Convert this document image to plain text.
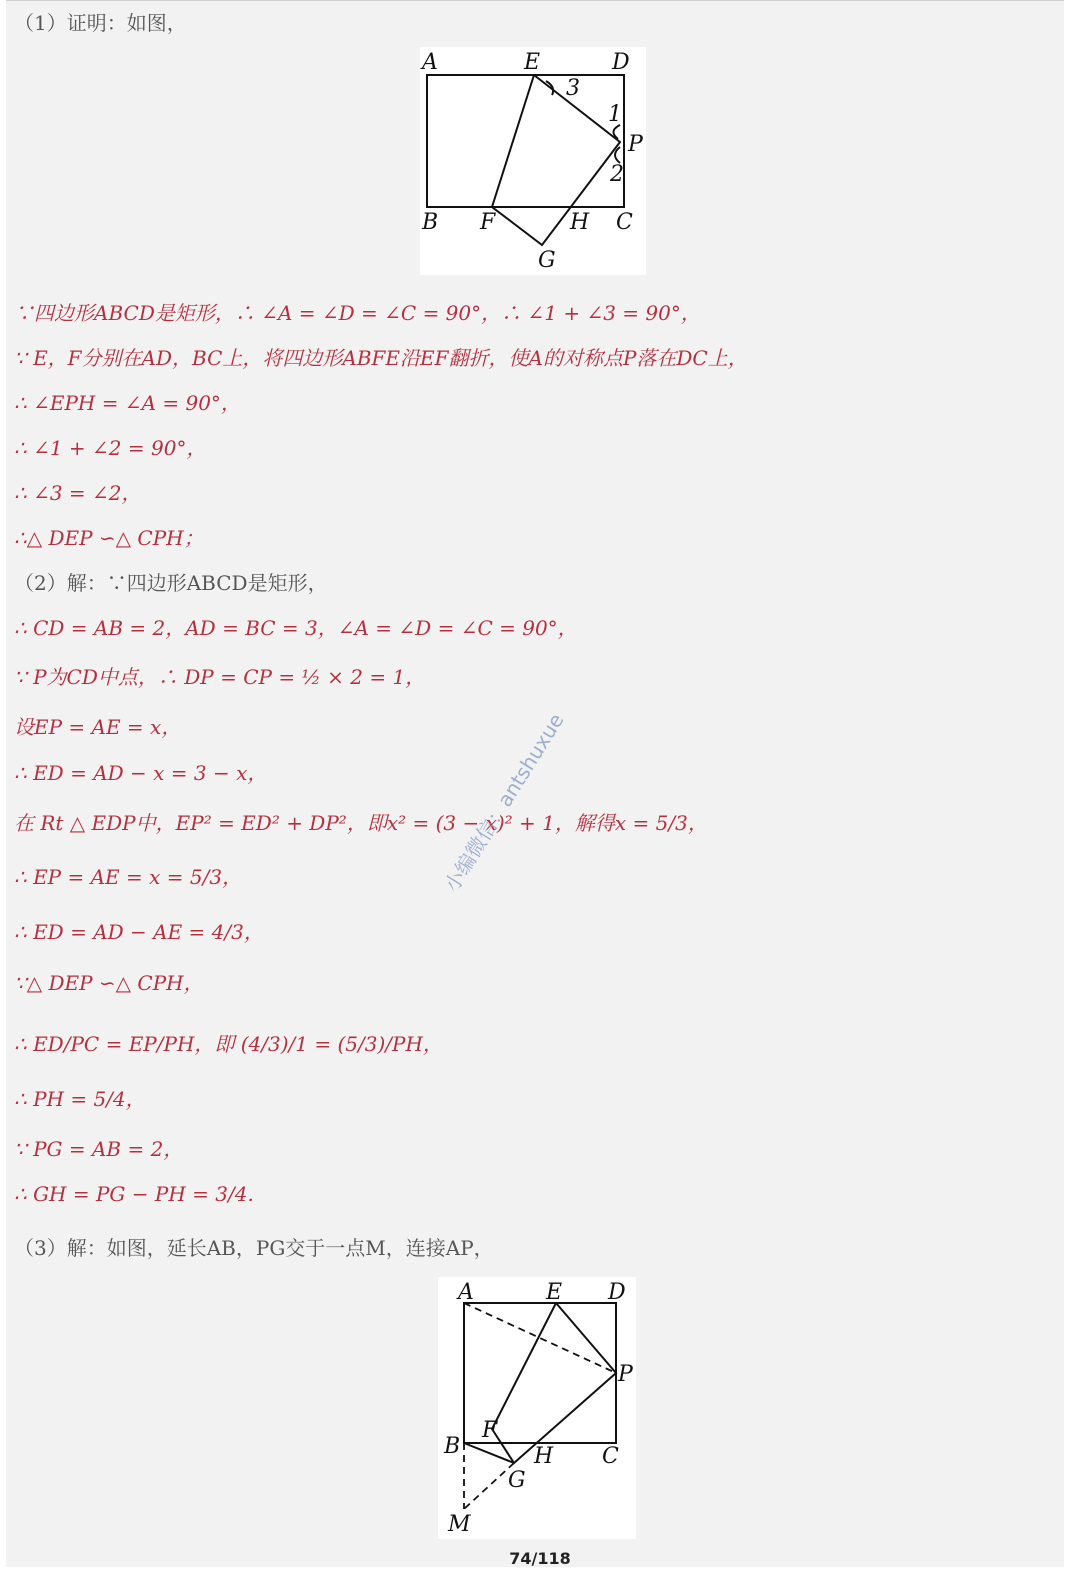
（1）证明：如图，
A	E	D
3
1
P
2
B F	H C
G
∵四边形ABCD是矩形，∴ ∠A = ∠D = ∠C = 90°，∴ ∠1 + ∠3 = 90°，
∵ E，F分别在AD，BC上，将四边形ABFE沿EF翻折，使A的对称点P落在DC上，
∴ ∠EPH = ∠A = 90°，
∴ ∠1 + ∠2 = 90°，
∴ ∠3 = ∠2，
∴△ DEP ∽△ CPH；
（2）解：∵四边形ABCD是矩形，
∴ CD = AB = 2，AD = BC = 3，∠A = ∠D = ∠C = 90°，
∵ P为CD中点，∴ DP = CP = ½ × 2 = 1，
设EP = AE = x，
∴ ED = AD − x = 3 − x，
在 Rt △ EDP中，EP² = ED² + DP²，即x² = (3 − x)² + 1，解得x = 5/3，
∴ EP = AE = x = 5/3，
∴ ED = AD − AE = 4/3，
∵△ DEP ∽△ CPH，
∴ ED/PC = EP/PH，即 (4/3)/1 = (5/3)/PH，
∴ PH = 5/4，
∵ PG = AB = 2，
∴ GH = PG − PH = 3/4.
（3）解：如图，延长AB，PG交于一点M，连接AP，
A	E D
P
F
B	H C
G
M
小编微信：antshuxue
74/118
